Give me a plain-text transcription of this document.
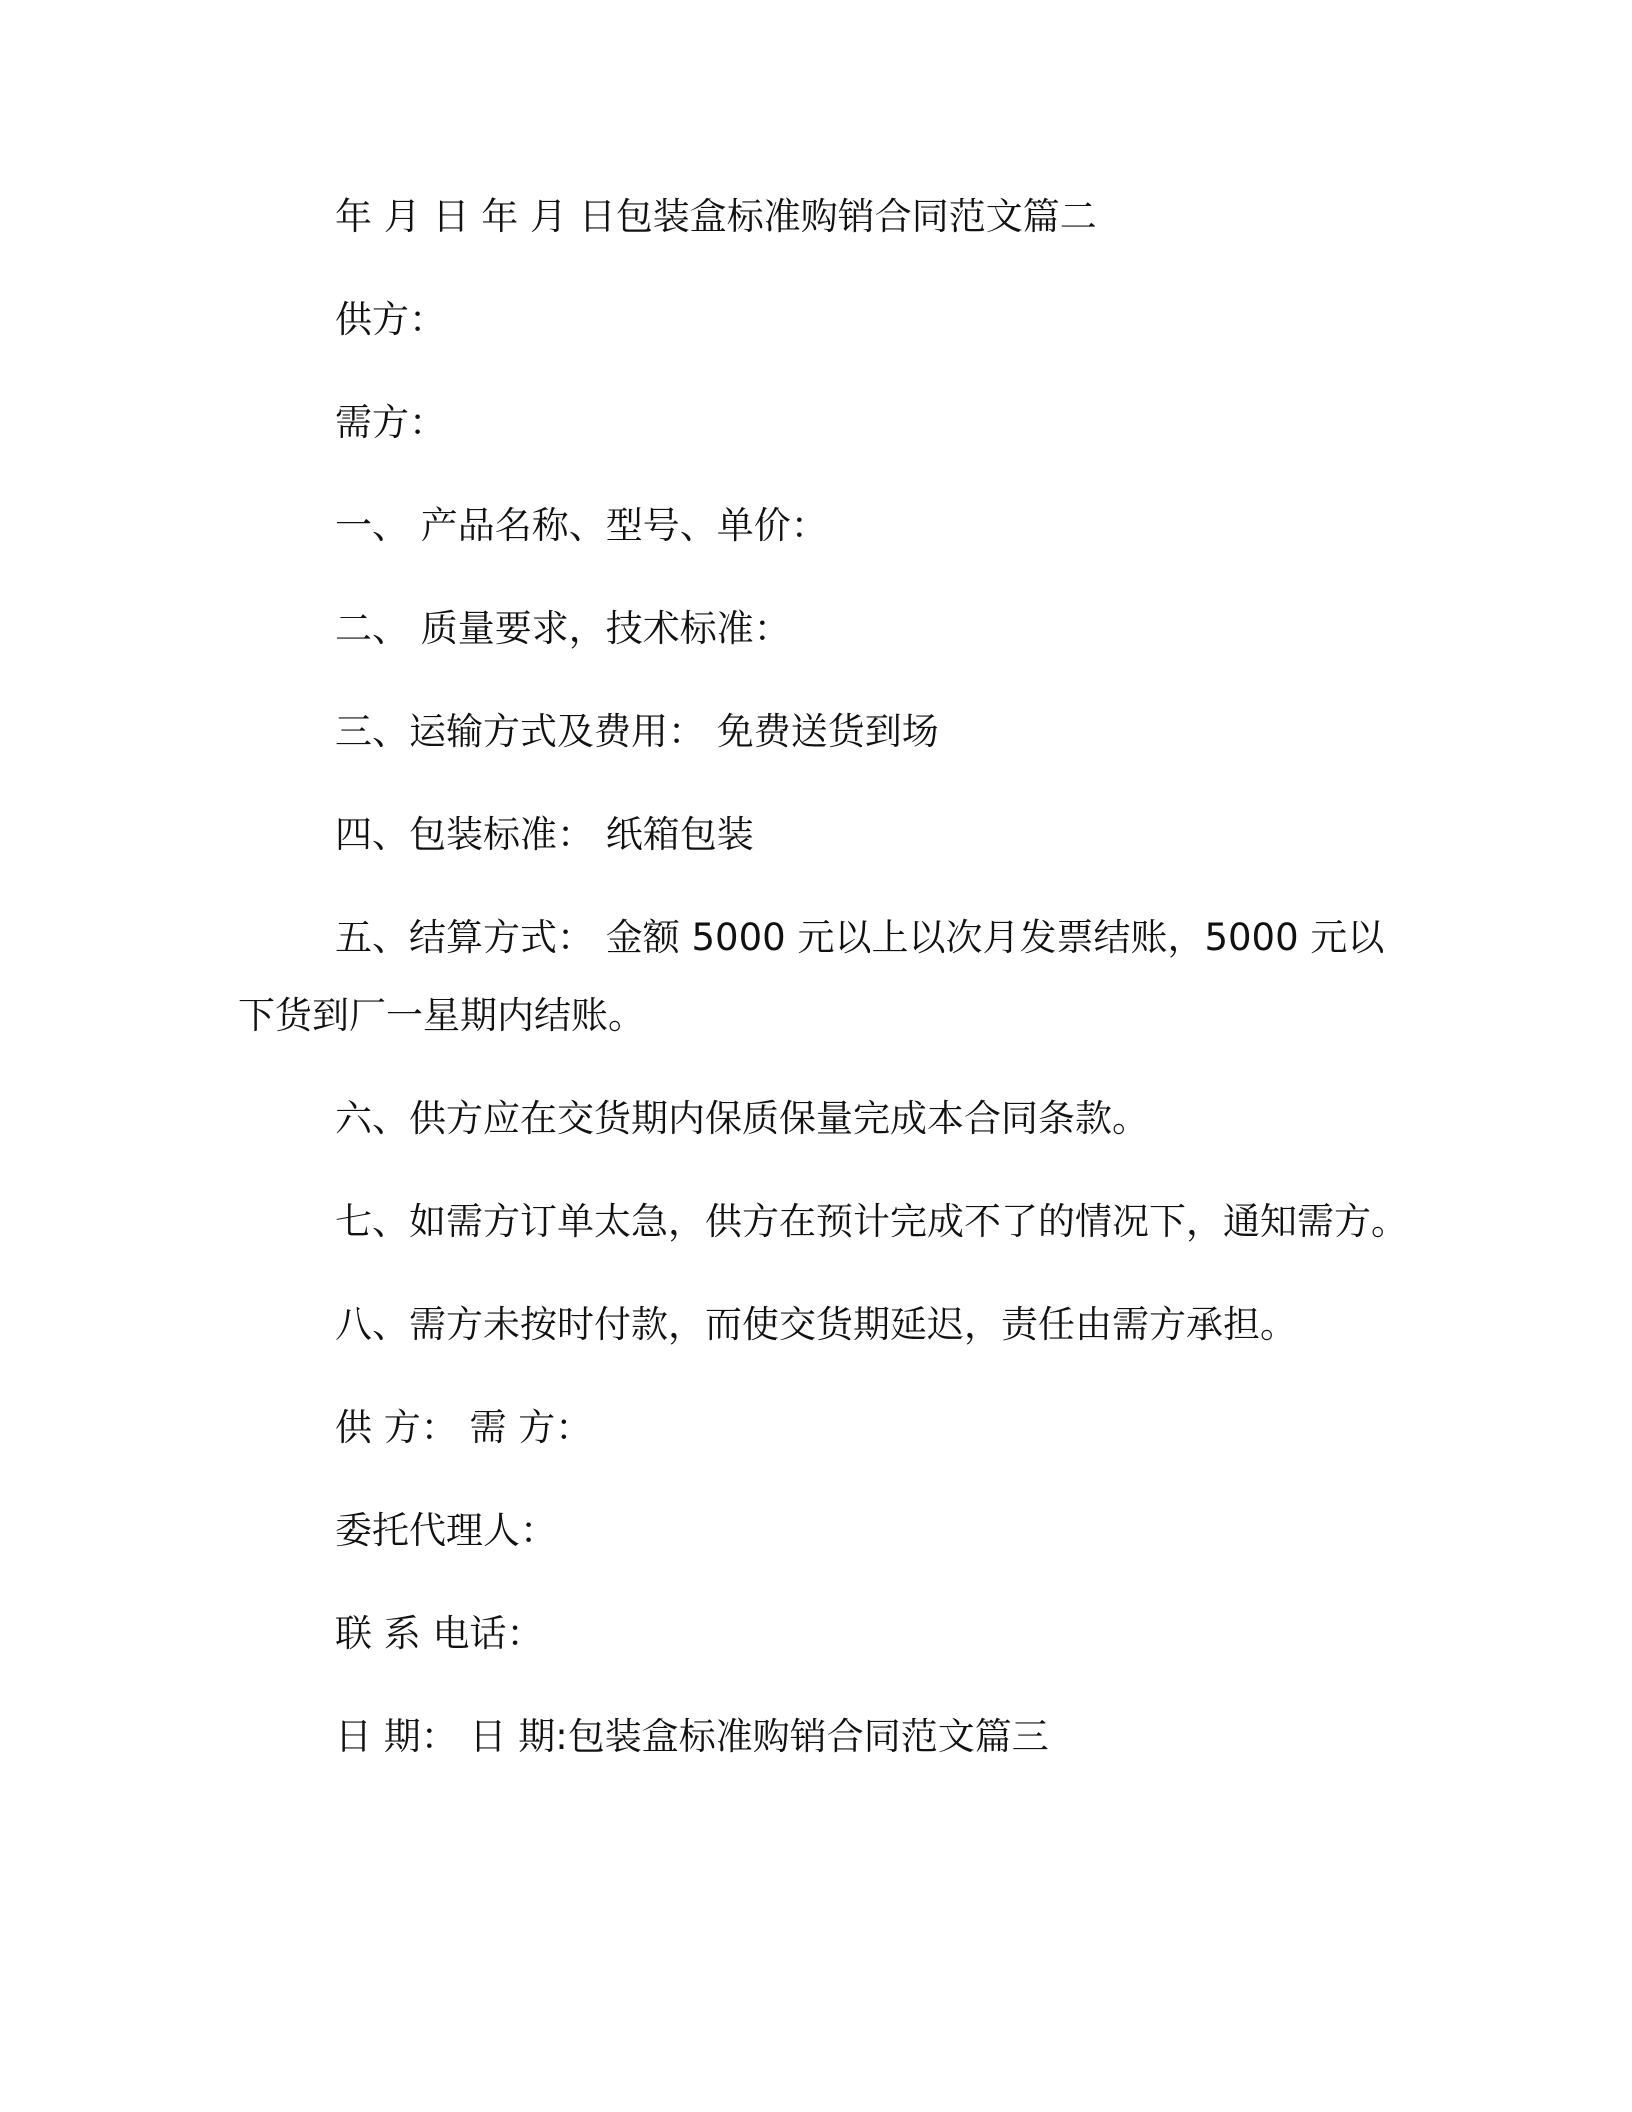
年 月 日 年 月 日包装盒标准购销合同范文篇二

供方：

需方：

一、 产品名称、型号、单价：

二、 质量要求，技术标准：

三、运输方式及费用： 免费送货到场

四、包装标准： 纸箱包装

五、结算方式： 金额 5000 元以上以次月发票结账，5000 元以下货到厂一星期内结账。

六、供方应在交货期内保质保量完成本合同条款。

七、如需方订单太急，供方在预计完成不了的情况下，通知需方。

八、需方未按时付款，而使交货期延迟，责任由需方承担。

供 方： 需 方：

委托代理人：

联 系 电话：

日 期： 日 期:包装盒标准购销合同范文篇三
